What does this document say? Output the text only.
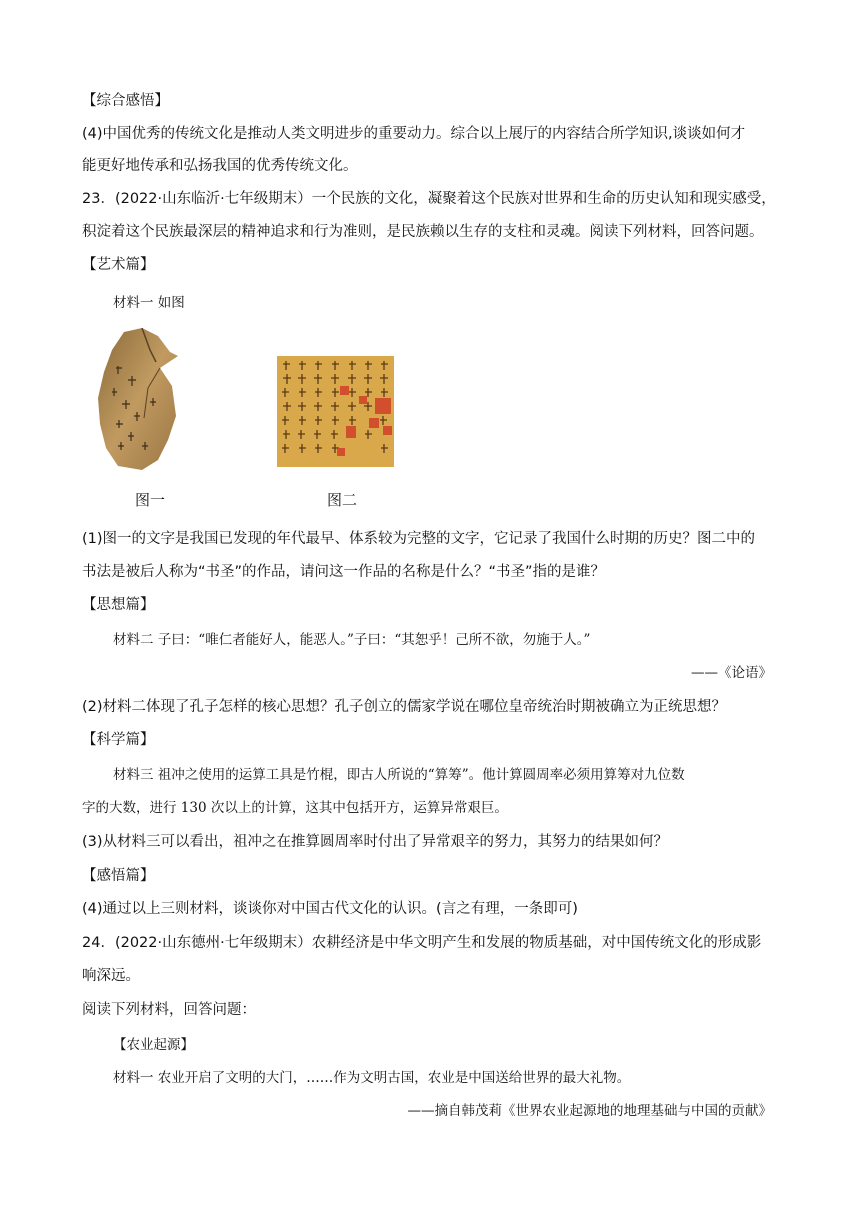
【综合感悟】
(4)中国优秀的传统文化是推动人类文明进步的重要动力。综合以上展厅的内容结合所学知识,谈谈如何才
能更好地传承和弘扬我国的优秀传统文化。
23．(2022·山东临沂·七年级期末）一个民族的文化，凝聚着这个民族对世界和生命的历史认知和现实感受，
积淀着这个民族最深层的精神追求和行为准则，是民族赖以生存的支柱和灵魂。阅读下列材料，回答问题。
【艺术篇】
材料一 如图
图一	图二
(1)图一的文字是我国已发现的年代最早、体系较为完整的文字，它记录了我国什么时期的历史？图二中的
书法是被后人称为“书圣”的作品，请问这一作品的名称是什么？“书圣”指的是谁？
【思想篇】
材料二 子曰：“唯仁者能好人，能恶人。”子曰：“其恕乎！己所不欲，勿施于人。”
——《论语》
(2)材料二体现了孔子怎样的核心思想？孔子创立的儒家学说在哪位皇帝统治时期被确立为正统思想？
【科学篇】
材料三 祖冲之使用的运算工具是竹棍，即古人所说的“算筹”。他计算圆周率必须用算筹对九位数
字的大数，进行 130 次以上的计算，这其中包括开方，运算异常艰巨。
(3)从材料三可以看出，祖冲之在推算圆周率时付出了异常艰辛的努力，其努力的结果如何？
【感悟篇】
(4)通过以上三则材料，谈谈你对中国古代文化的认识。(言之有理，一条即可)
24．(2022·山东德州·七年级期末）农耕经济是中华文明产生和发展的物质基础，对中国传统文化的形成影
响深远。
阅读下列材料，回答问题：
【农业起源】
材料一 农业开启了文明的大门，……作为文明古国，农业是中国送给世界的最大礼物。
——摘自韩茂莉《世界农业起源地的地理基础与中国的贡献》
